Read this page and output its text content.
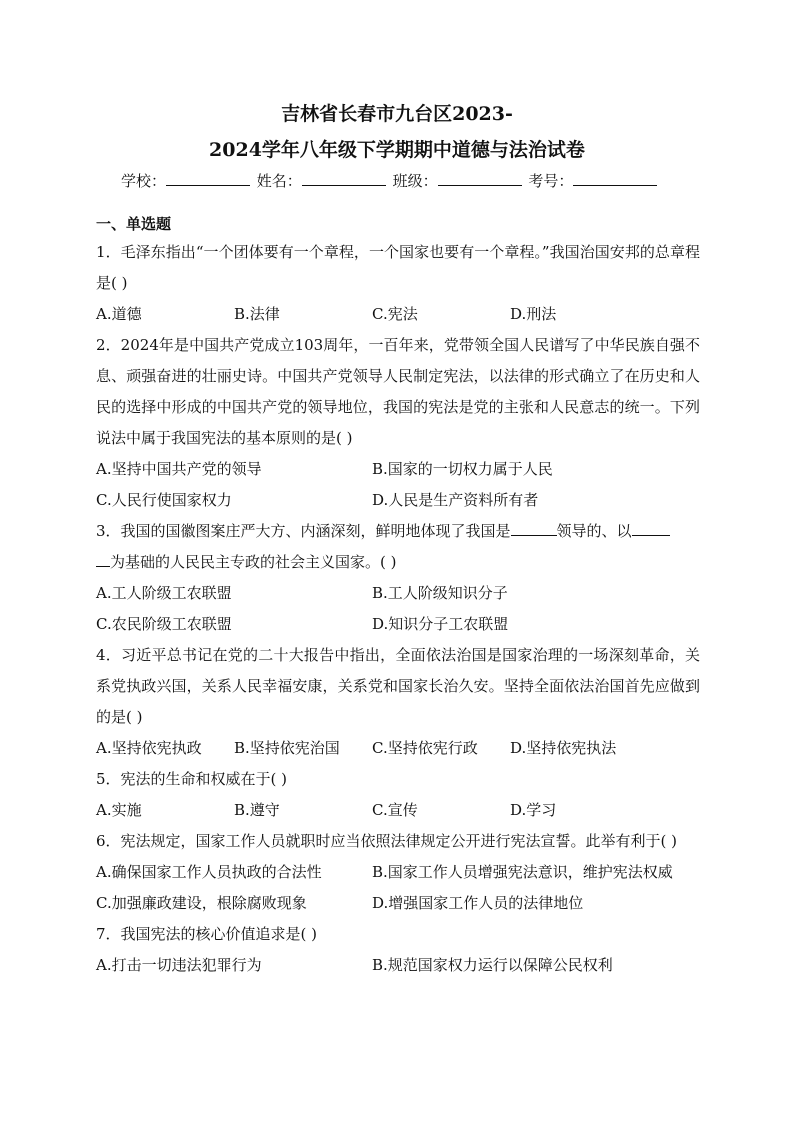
吉林省长春市九台区2023-
2024学年八年级下学期期中道德与法治试卷
学校：	姓名：	班级：	考号：
一、单选题
1．毛泽东指出“一个团体要有一个章程，一个国家也要有一个章程。”我国治国安邦的总章程是( )
A.道德	B.法律	C.宪法	D.刑法
2．2024年是中国共产党成立103周年，一百年来，党带领全国人民谱写了中华民族自强不息、顽强奋进的壮丽史诗。中国共产党领导人民制定宪法，以法律的形式确立了在历史和人民的选择中形成的中国共产党的领导地位，我国的宪法是党的主张和人民意志的统一。下列说法中属于我国宪法的基本原则的是( )
A.坚持中国共产党的领导	B.国家的一切权力属于人民
C.人民行使国家权力	D.人民是生产资料所有者
3．我国的国徽图案庄严大方、内涵深刻，鲜明地体现了我国是	领导的、以
为基础的人民民主专政的社会主义国家。( )
A.工人阶级工农联盟	B.工人阶级知识分子
C.农民阶级工农联盟	D.知识分子工农联盟
4．习近平总书记在党的二十大报告中指出，全面依法治国是国家治理的一场深刻革命，关系党执政兴国，关系人民幸福安康，关系党和国家长治久安。坚持全面依法治国首先应做到的是( )
A.坚持依宪执政	B.坚持依宪治国	C.坚持依宪行政	D.坚持依宪执法
5．宪法的生命和权威在于( )
A.实施	B.遵守	C.宣传	D.学习
6．宪法规定，国家工作人员就职时应当依照法律规定公开进行宪法宣誓。此举有利于( )
A.确保国家工作人员执政的合法性	B.国家工作人员增强宪法意识，维护宪法权威
C.加强廉政建设，根除腐败现象	D.增强国家工作人员的法律地位
7．我国宪法的核心价值追求是( )
A.打击一切违法犯罪行为	B.规范国家权力运行以保障公民权利
